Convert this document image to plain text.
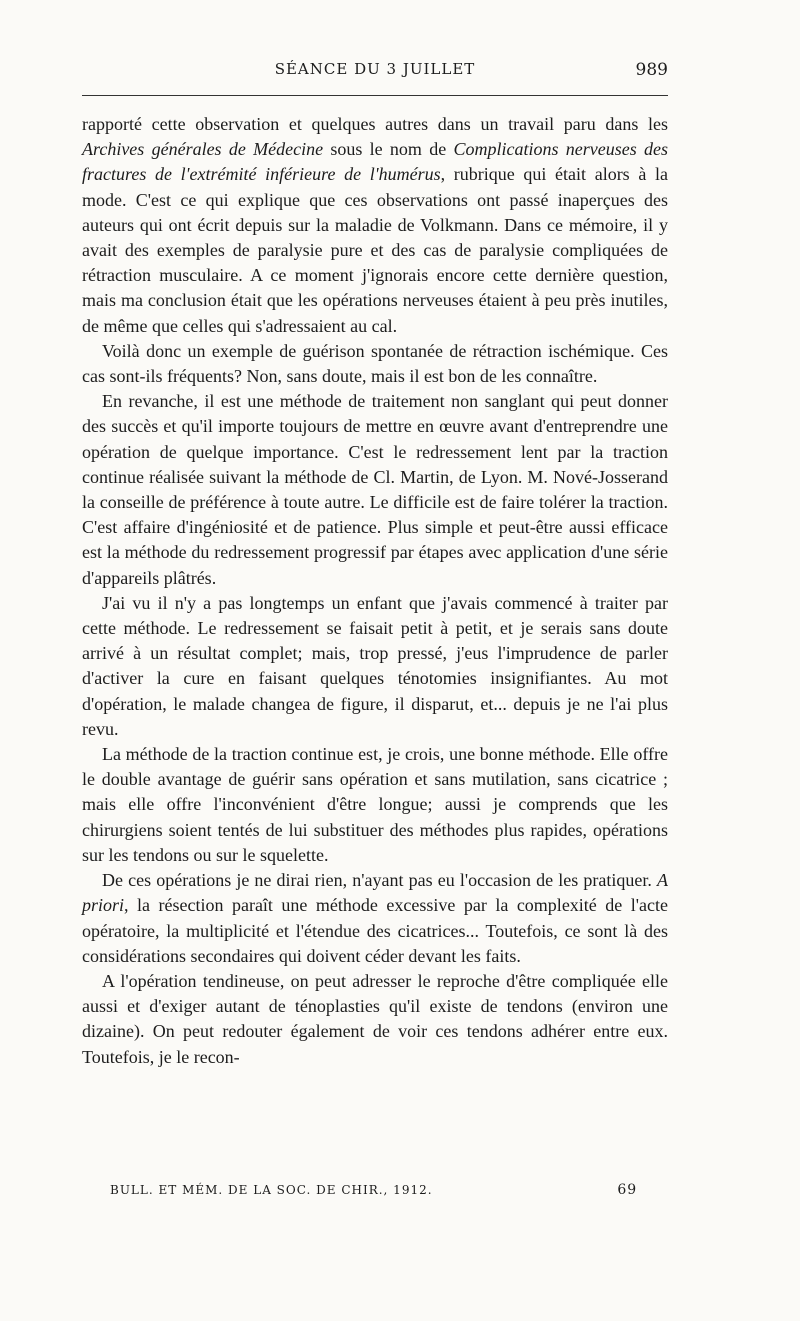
SÉANCE DU 3 JUILLET	989

rapporté cette observation et quelques autres dans un travail paru dans les Archives générales de Médecine sous le nom de Complications nerveuses des fractures de l'extrémité inférieure de l'humérus, rubrique qui était alors à la mode. C'est ce qui explique que ces observations ont passé inaperçues des auteurs qui ont écrit depuis sur la maladie de Volkmann. Dans ce mémoire, il y avait des exemples de paralysie pure et des cas de paralysie compliquées de rétraction musculaire. A ce moment j'ignorais encore cette dernière question, mais ma conclusion était que les opérations nerveuses étaient à peu près inutiles, de même que celles qui s'adressaient au cal.

Voilà donc un exemple de guérison spontanée de rétraction ischémique. Ces cas sont-ils fréquents? Non, sans doute, mais il est bon de les connaître.

En revanche, il est une méthode de traitement non sanglant qui peut donner des succès et qu'il importe toujours de mettre en œuvre avant d'entreprendre une opération de quelque importance. C'est le redressement lent par la traction continue réalisée suivant la méthode de Cl. Martin, de Lyon. M. Nové-Josserand la conseille de préférence à toute autre. Le difficile est de faire tolérer la traction. C'est affaire d'ingéniosité et de patience. Plus simple et peut-être aussi efficace est la méthode du redressement progressif par étapes avec application d'une série d'appareils plâtrés.

J'ai vu il n'y a pas longtemps un enfant que j'avais commencé à traiter par cette méthode. Le redressement se faisait petit à petit, et je serais sans doute arrivé à un résultat complet; mais, trop pressé, j'eus l'imprudence de parler d'activer la cure en faisant quelques ténotomies insignifiantes. Au mot d'opération, le malade changea de figure, il disparut, et... depuis je ne l'ai plus revu.

La méthode de la traction continue est, je crois, une bonne méthode. Elle offre le double avantage de guérir sans opération et sans mutilation, sans cicatrice ; mais elle offre l'inconvénient d'être longue; aussi je comprends que les chirurgiens soient tentés de lui substituer des méthodes plus rapides, opérations sur les tendons ou sur le squelette.

De ces opérations je ne dirai rien, n'ayant pas eu l'occasion de les pratiquer. A priori, la résection paraît une méthode excessive par la complexité de l'acte opératoire, la multiplicité et l'étendue des cicatrices... Toutefois, ce sont là des considérations secondaires qui doivent céder devant les faits.

A l'opération tendineuse, on peut adresser le reproche d'être compliquée elle aussi et d'exiger autant de ténoplasties qu'il existe de tendons (environ une dizaine). On peut redouter également de voir ces tendons adhérer entre eux. Toutefois, je le recon-

BULL. ET MÉM. DE LA SOC. DE CHIR., 1912.	69
